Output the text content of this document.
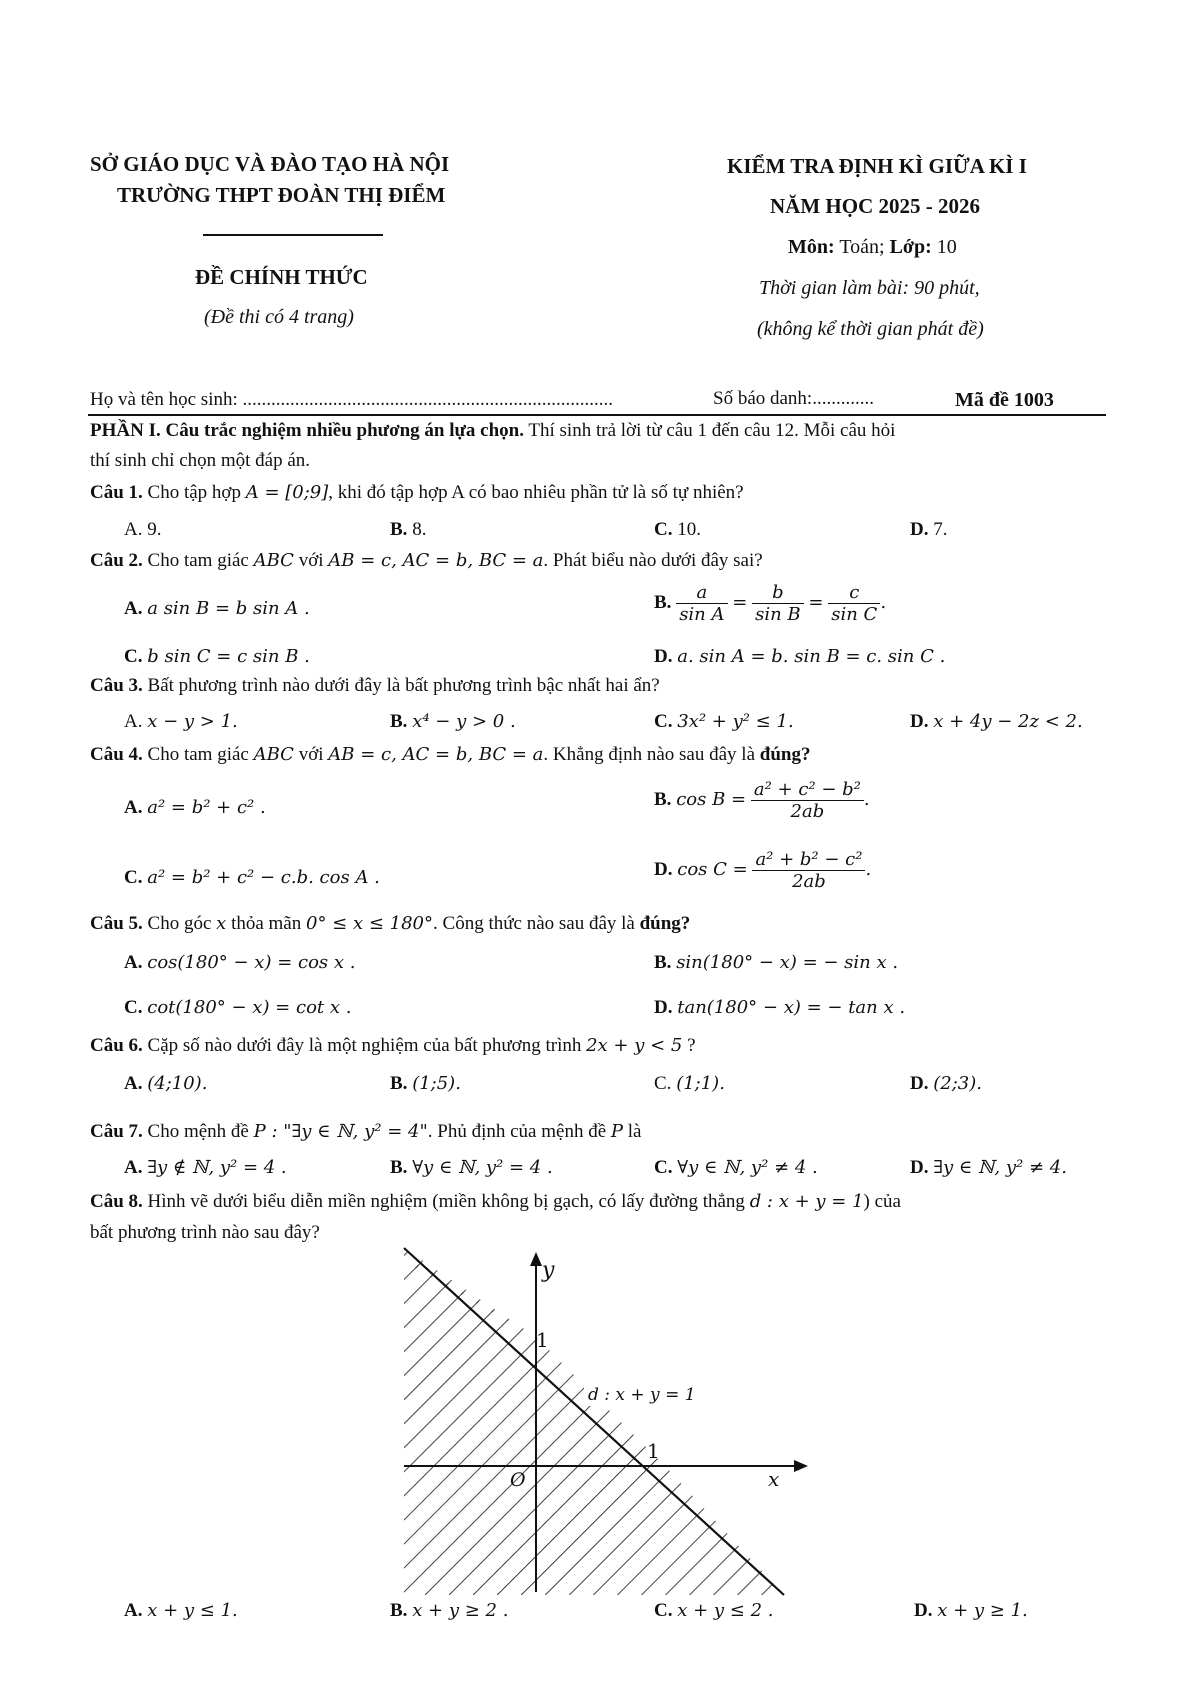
SỞ GIÁO DỤC VÀ ĐÀO TẠO HÀ NỘI
TRƯỜNG THPT ĐOÀN THỊ ĐIỂM
ĐỀ CHÍNH THỨC
(Đề thi có 4 trang)
KIỂM TRA ĐỊNH KÌ GIỮA KÌ I
NĂM HỌC 2025 - 2026
Môn: Toán; Lớp: 10
Thời gian làm bài: 90 phút,
(không kể thời gian phát đề)
Họ và tên học sinh: ..............................................................................	Số báo danh:.............	Mã đề 1003
PHẦN I. Câu trắc nghiệm nhiều phương án lựa chọn. Thí sinh trả lời từ câu 1 đến câu 12. Mỗi câu hỏi
thí sinh chỉ chọn một đáp án.
Câu 1. Cho tập hợp A = [0;9], khi đó tập hợp A có bao nhiêu phần tử là số tự nhiên?
A. 9.	B. 8.	C. 10.	D. 7.
Câu 2. Cho tam giác ABC với AB = c, AC = b, BC = a. Phát biểu nào dưới đây sai?
A. a sin B = b sin A .	B. $\frac{a}{\text{sin A}} = \frac{b}{\text{sin B}} = \frac{c}{\text{sin C}}$ .
C. b sin C = c sin B .	D. a. sin A = b. sin B = c. sin C .
Câu 3. Bất phương trình nào dưới đây là bất phương trình bậc nhất hai ẩn?
A. x − y > 1.	B. x⁴ − y > 0 .	C. 3x² + y² ≤ 1.	D. x + 4y − 2z < 2.
Câu 4. Cho tam giác ABC với AB = c, AC = b, BC = a. Khẳng định nào sau đây là đúng?
A. a² = b² + c² .	B. $\cos B = \frac{\text{a² + c² − b²}}{2ab}$ .
C. a² = b² + c² − c.b. cos A .	D. $\cos C = \frac{\text{a² + b² − c²}}{2ab}$ .
Câu 5. Cho góc x thỏa mãn 0° ≤ x ≤ 180°. Công thức nào sau đây là đúng?
A. cos(180° − x) = cos x .	B. sin(180° − x) = − sin x .
C. cot(180° − x) = cot x .	D. tan(180° − x) = − tan x .
Câu 6. Cặp số nào dưới đây là một nghiệm của bất phương trình 2x + y < 5 ?
A. (4;10).	B. (1;5).	C. (1;1).	D. (2;3).
Câu 7. Cho mệnh đề P : "∃y ∈ ℕ, y² = 4". Phủ định của mệnh đề P là
A. ∃y ∉ ℕ, y² = 4 .	B. ∀y ∈ ℕ, y² = 4 .	C. ∀y ∈ ℕ, y² ≠ 4 .	D. ∃y ∈ ℕ, y² ≠ 4.
Câu 8. Hình vẽ dưới biểu diễn miền nghiệm (miền không bị gạch, có lấy đường thẳng d : x + y = 1) của
bất phương trình nào sau đây?
y
x
O
1
1
d : x + y = 1
A. x + y ≤ 1.	B. x + y ≥ 2 .	C. x + y ≤ 2 .	D. x + y ≥ 1.
